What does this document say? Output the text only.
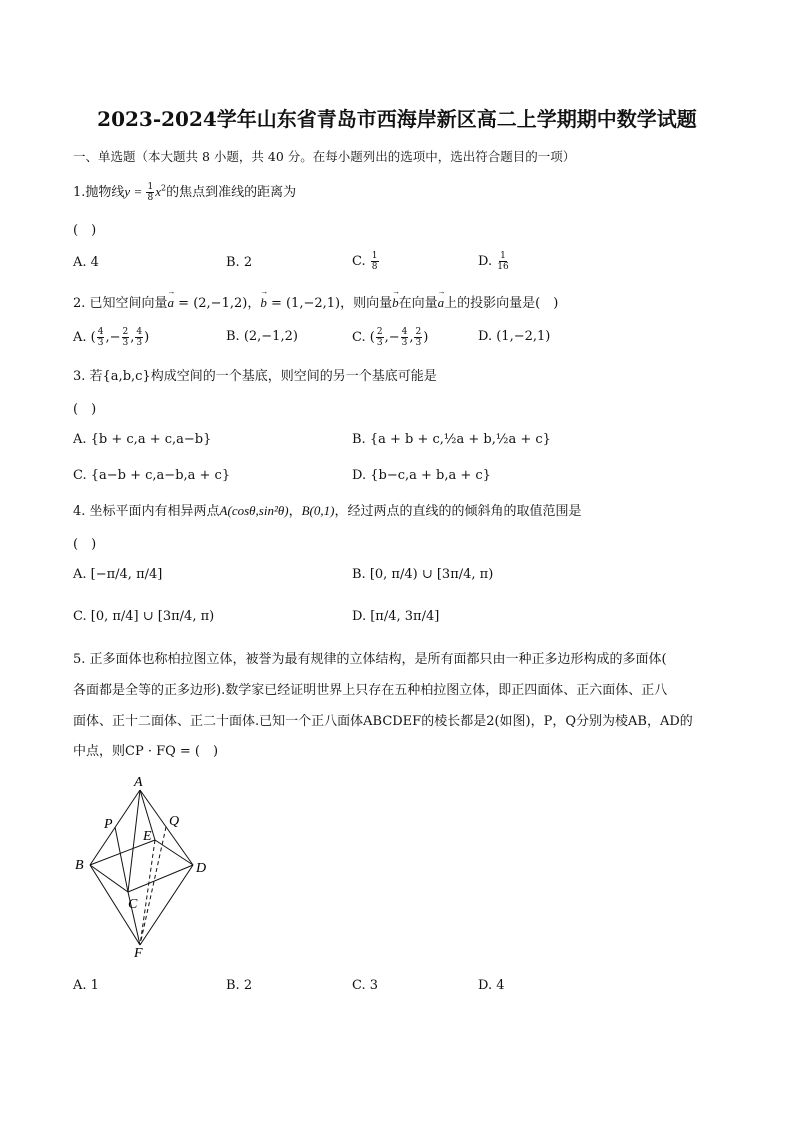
2023-2024学年山东省青岛市西海岸新区高二上学期期中数学试题
一、单选题（本大题共 8 小题，共 40 分。在每小题列出的选项中，选出符合题目的一项）
1.抛物线$y = \frac{1}{8} x^2$的焦点到准线的距离为
(　)
A. 4	B. 2	C. $\frac{1}{8}$	D. $\frac{1}{16}$
2. 已知空间向量→ a = (2,−1,2)，→ b = (1,−2,1)，则向量→ b在向量→ a上的投影向量是(　)
A. ( $\frac{4}{3}$ ,− $\frac{2}{3}$ , $\frac{4}{3}$ )	B. (2,−1,2)	C. ( $\frac{2}{3}$ ,− $\frac{4}{3}$ , $\frac{2}{3}$ )	D. (1,−2,1)
3. 若{a,b,c}构成空间的一个基底，则空间的另一个基底可能是
(　)
A. {b + c,a + c,a−b}	B. {a + b + c,½a + b,½a + c}
C. {a−b + c,a−b,a + c}	D. {b−c,a + b,a + c}
4. 坐标平面内有相异两点A(cosθ,sin²θ)，B(0,1)，经过两点的直线的的倾斜角的取值范围是
(　)
A. [−π/4, π/4]	B. [0, π/4) ∪ [3π/4, π)
C. [0, π/4] ∪ [3π/4, π)	D. [π/4, 3π/4]
5. 正多面体也称柏拉图立体，被誉为最有规律的立体结构，是所有面都只由一种正多边形构成的多面体(
各面都是全等的正多边形).数学家已经证明世界上只存在五种柏拉图立体，即正四面体、正六面体、正八
面体、正十二面体、正二十面体.已知一个正八面体ABCDEF的棱长都是2(如图)，P，Q分别为棱AB，AD的
中点，则CP · FQ = (　)
A
B
C
D
E
F
P	Q
A. 1	B. 2	C. 3	D. 4
